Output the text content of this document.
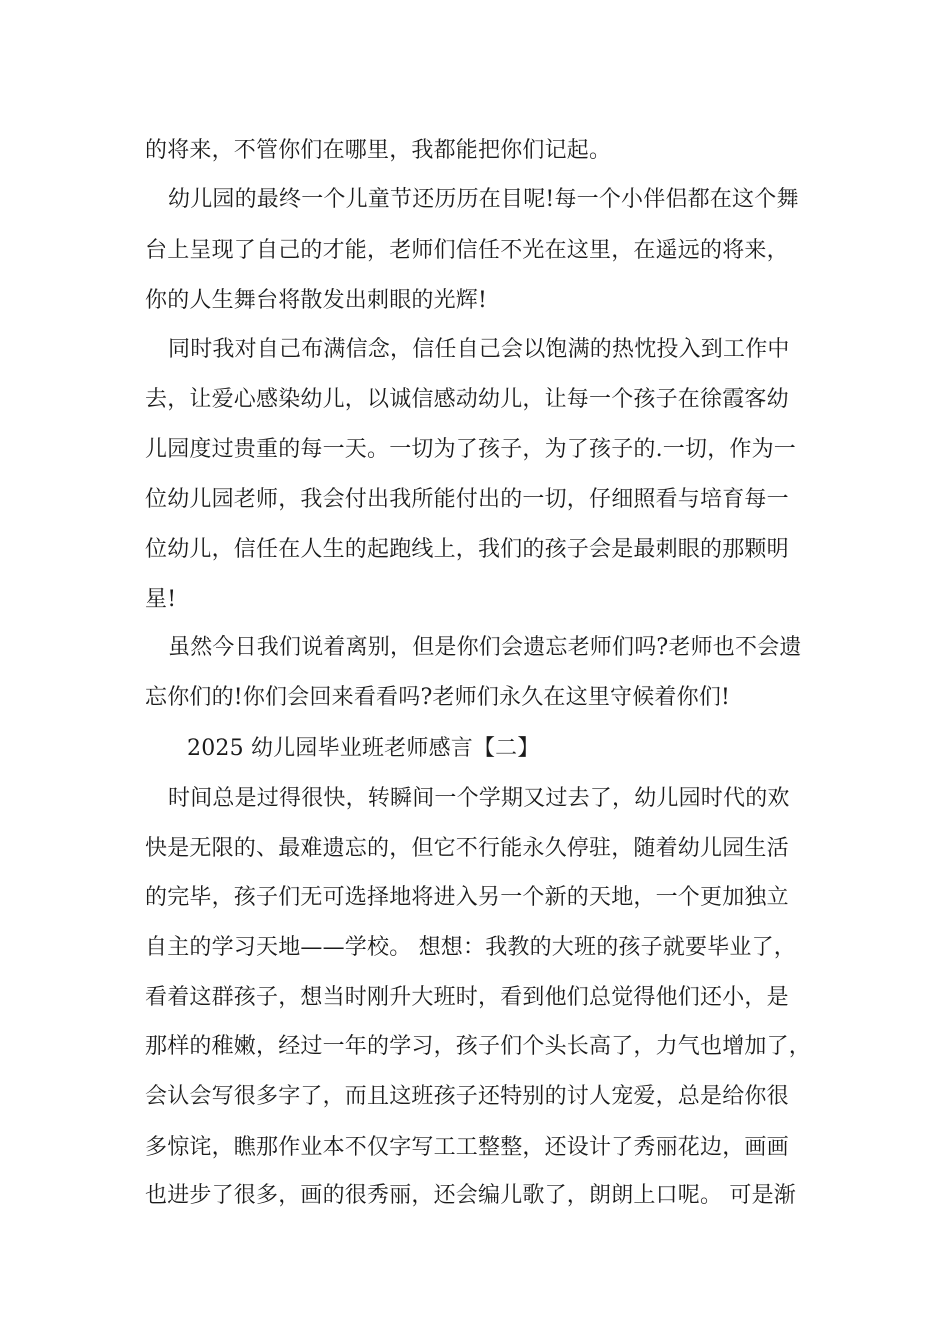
的将来，不管你们在哪里，我都能把你们记起。
幼儿园的最终一个儿童节还历历在目呢!每一个小伴侣都在这个舞
台上呈现了自己的才能，老师们信任不光在这里，在遥远的将来，
你的人生舞台将散发出刺眼的光辉!
同时我对自己布满信念，信任自己会以饱满的热忱投入到工作中
去，让爱心感染幼儿，以诚信感动幼儿，让每一个孩子在徐霞客幼
儿园度过贵重的每一天。一切为了孩子，为了孩子的.一切，作为一
位幼儿园老师，我会付出我所能付出的一切，仔细照看与培育每一
位幼儿，信任在人生的起跑线上，我们的孩子会是最刺眼的那颗明
星!
虽然今日我们说着离别，但是你们会遗忘老师们吗?老师也不会遗
忘你们的!你们会回来看看吗?老师们永久在这里守候着你们!
2025 幼儿园毕业班老师感言【二】
时间总是过得很快，转瞬间一个学期又过去了，幼儿园时代的欢
快是无限的、最难遗忘的，但它不行能永久停驻，随着幼儿园生活
的完毕，孩子们无可选择地将进入另一个新的天地，一个更加独立
自主的学习天地——学校。 想想：我教的大班的孩子就要毕业了，
看着这群孩子，想当时刚升大班时，看到他们总觉得他们还小，是
那样的稚嫩，经过一年的学习，孩子们个头长高了，力气也增加了，
会认会写很多字了，而且这班孩子还特别的讨人宠爱，总是给你很
多惊诧，瞧那作业本不仅字写工工整整，还设计了秀丽花边，画画
也进步了很多，画的很秀丽，还会编儿歌了，朗朗上口呢。 可是渐
